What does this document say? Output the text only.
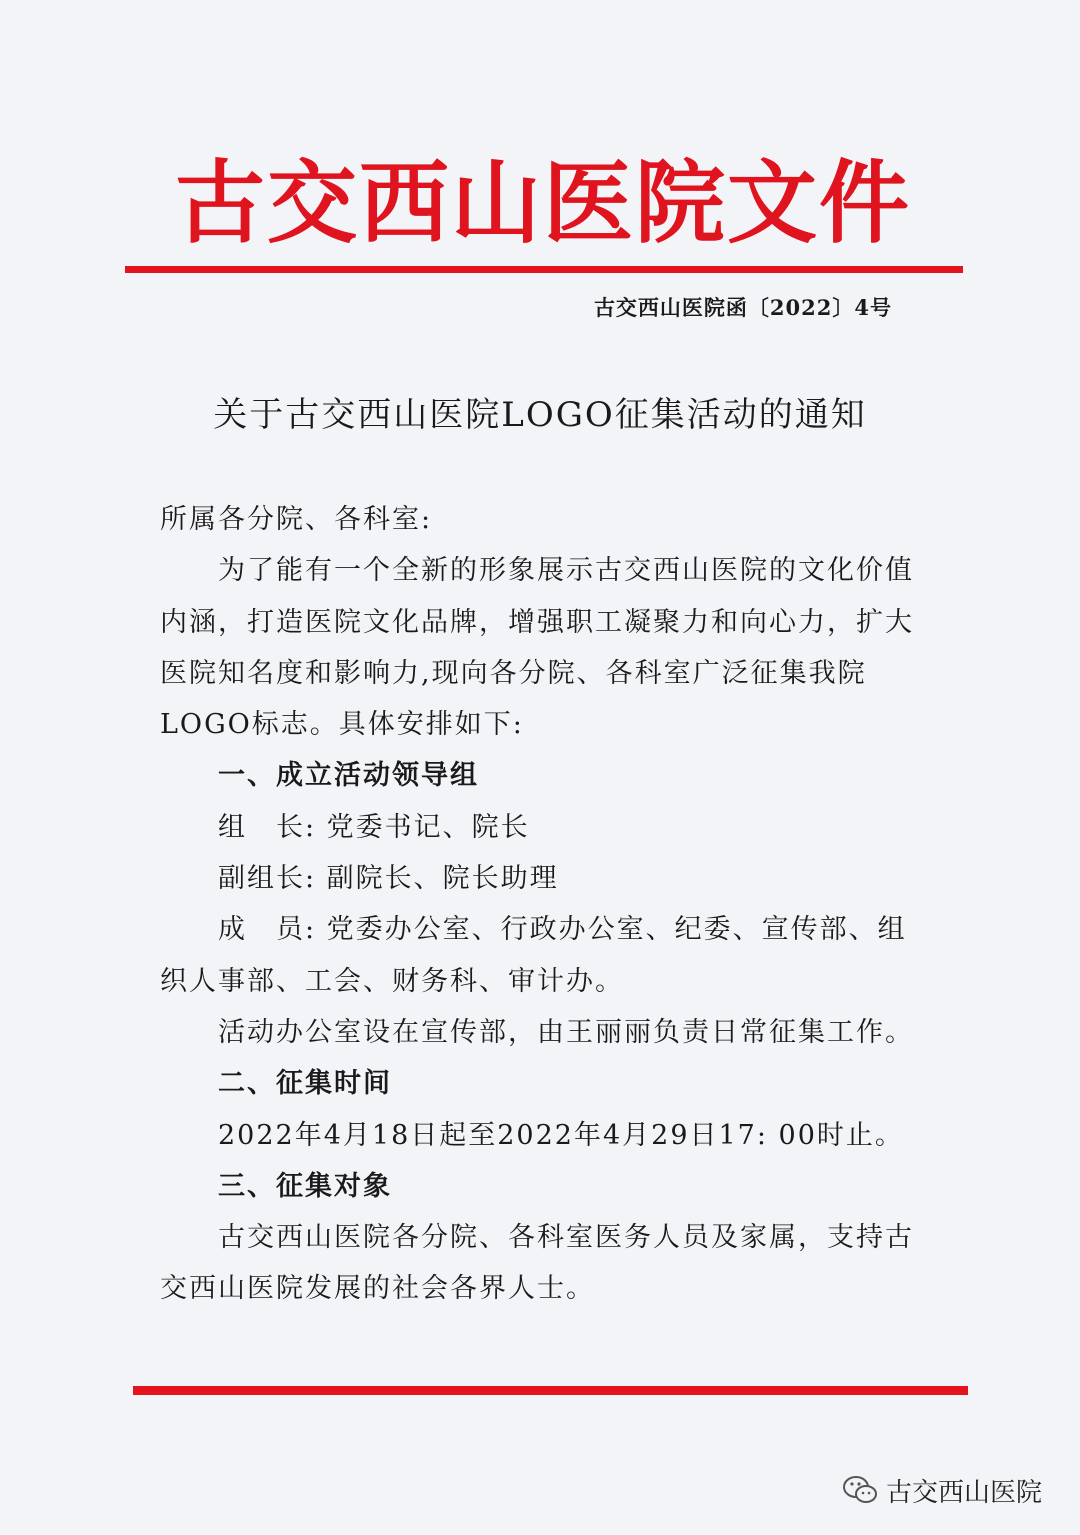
古交西山医院文件
古交西山医院函〔2022〕4号
关于古交西山医院LOGO征集活动的通知

所属各分院、各科室:

为了能有一个全新的形象展示古交西山医院的文化价值内涵，打造医院文化品牌，增强职工凝聚力和向心力，扩大医院知名度和影响力,现向各分院、各科室广泛征集我院LOGO标志。具体安排如下:

一、成立活动领导组

组　长: 党委书记、院长

副组长: 副院长、院长助理

成　员: 党委办公室、行政办公室、纪委、宣传部、组织人事部、工会、财务科、审计办。

活动办公室设在宣传部，由王丽丽负责日常征集工作。

二、征集时间

2022年4月18日起至2022年4月29日17: 00时止。

三、征集对象

古交西山医院各分院、各科室医务人员及家属，支持古交西山医院发展的社会各界人士。

古交西山医院
